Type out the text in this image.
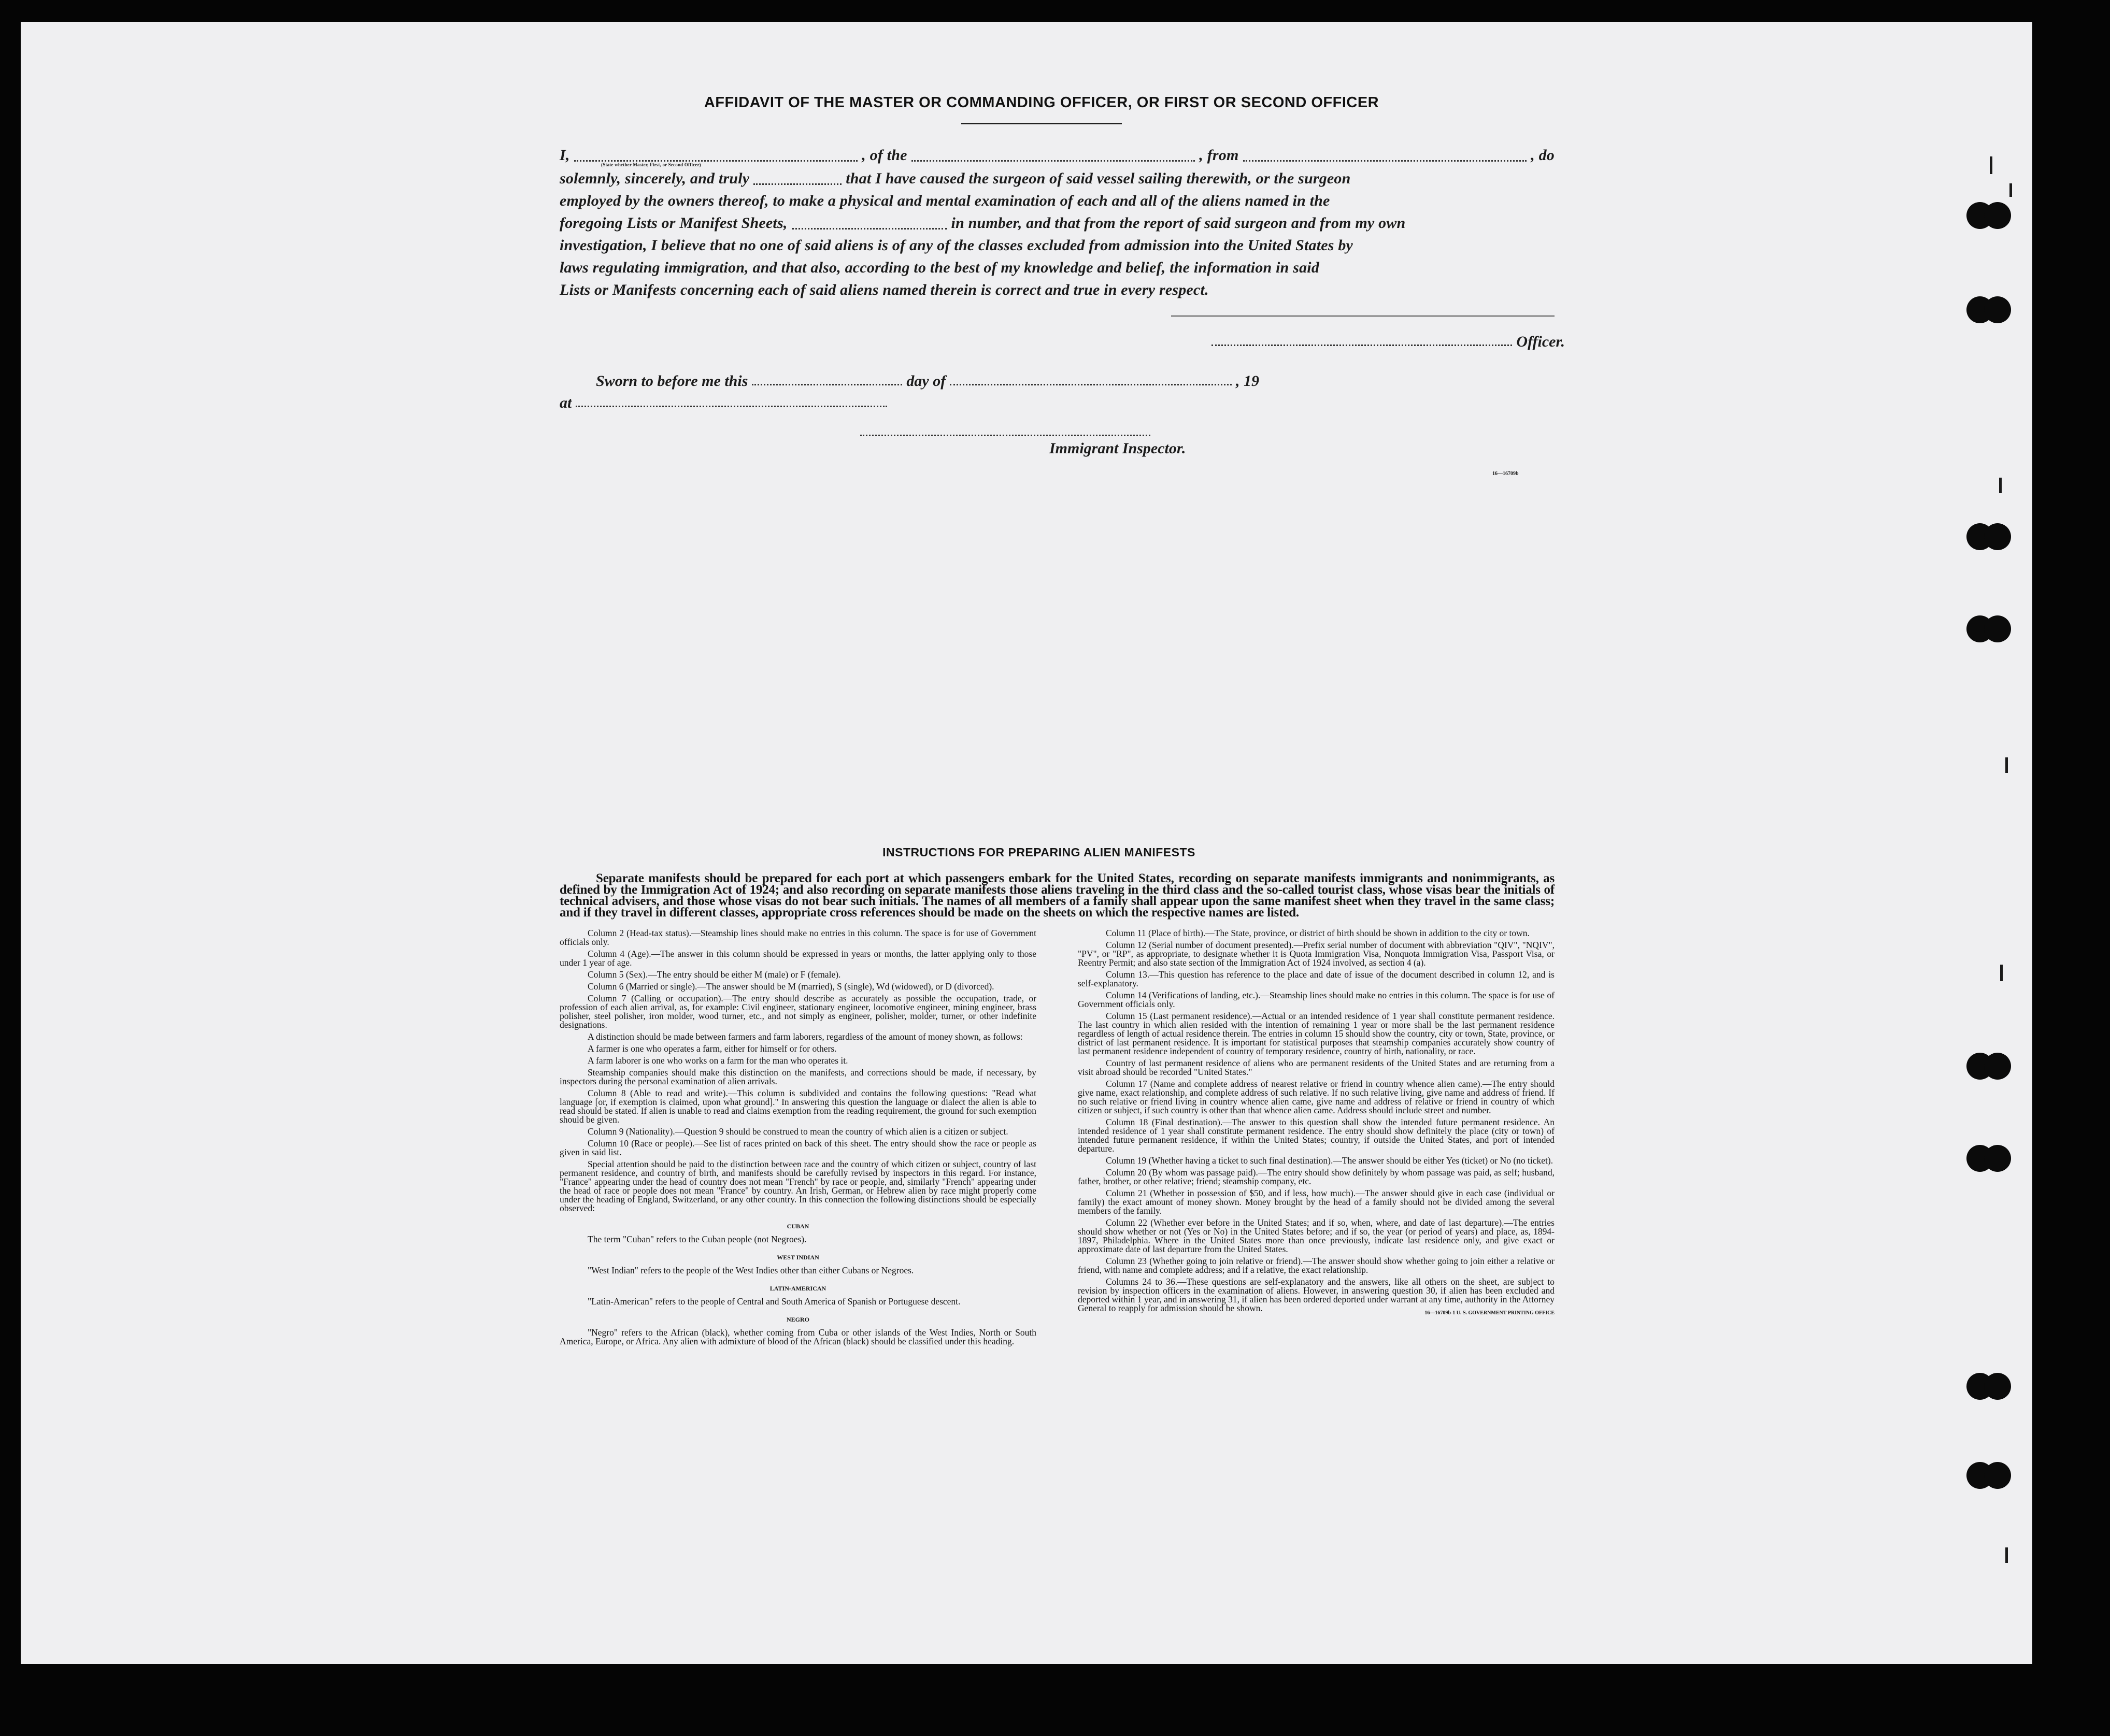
AFFIDAVIT OF THE MASTER OR COMMANDING OFFICER, OR FIRST OR SECOND OFFICER
I,	, of the	, from	, do
(State whether Master, First, or Second Officer)
solemnly, sincerely, and truly	that I have caused the surgeon of said vessel sailing therewith, or the surgeon
employed by the owners thereof, to make a physical and mental examination of each and all of the aliens named in the
foregoing Lists or Manifest Sheets,	in number, and that from the report of said surgeon and from my own
investigation, I believe that no one of said aliens is of any of the classes excluded from admission into the United States by
laws regulating immigration, and that also, according to the best of my knowledge and belief, the information in said
Lists or Manifests concerning each of said aliens named therein is correct and true in every respect.
Officer.
Sworn to before me this	day of	, 19
at
Immigrant Inspector.
16—16709b
INSTRUCTIONS FOR PREPARING ALIEN MANIFESTS
Separate manifests should be prepared for each port at which passengers embark for the United States, recording on separate manifests immigrants and nonimmigrants, as defined by the Immigration Act of 1924; and also recording on separate manifests those aliens traveling in the third class and the so-called tourist class, whose visas bear the initials of technical advisers, and those whose visas do not bear such initials. The names of all members of a family shall appear upon the same manifest sheet when they travel in the same class; and if they travel in different classes, appropriate cross references should be made on the sheets on which the respective names are listed.

Column 2 (Head-tax status).—Steamship lines should make no entries in this column. The space is for use of Government officials only.

Column 4 (Age).—The answer in this column should be expressed in years or months, the latter applying only to those under 1 year of age.

Column 5 (Sex).—The entry should be either M (male) or F (female).

Column 6 (Married or single).—The answer should be M (married), S (single), Wd (widowed), or D (divorced).

Column 7 (Calling or occupation).—The entry should describe as accurately as possible the occupation, trade, or profession of each alien arrival, as, for example: Civil engineer, stationary engineer, locomotive engineer, mining engineer, brass polisher, steel polisher, iron molder, wood turner, etc., and not simply as engineer, polisher, molder, turner, or other indefinite designations.

A distinction should be made between farmers and farm laborers, regardless of the amount of money shown, as follows:

A farmer is one who operates a farm, either for himself or for others.

A farm laborer is one who works on a farm for the man who operates it.

Steamship companies should make this distinction on the manifests, and corrections should be made, if necessary, by inspectors during the personal examination of alien arrivals.

Column 8 (Able to read and write).—This column is subdivided and contains the following questions: "Read what language [or, if exemption is claimed, upon what ground]." In answering this question the language or dialect the alien is able to read should be stated. If alien is unable to read and claims exemption from the reading requirement, the ground for such exemption should be given.

Column 9 (Nationality).—Question 9 should be construed to mean the country of which alien is a citizen or subject.

Column 10 (Race or people).—See list of races printed on back of this sheet. The entry should show the race or people as given in said list.

Special attention should be paid to the distinction between race and the country of which citizen or subject, country of last permanent residence, and country of birth, and manifests should be carefully revised by inspectors in this regard. For instance, "France" appearing under the head of country does not mean "French" by race or people, and, similarly "French" appearing under the head of race or people does not mean "France" by country. An Irish, German, or Hebrew alien by race might properly come under the heading of England, Switzerland, or any other country. In this connection the following distinctions should be especially observed:

CUBAN

The term "Cuban" refers to the Cuban people (not Negroes).

WEST INDIAN

"West Indian" refers to the people of the West Indies other than either Cubans or Negroes.

LATIN-AMERICAN

"Latin-American" refers to the people of Central and South America of Spanish or Portuguese descent.

NEGRO

"Negro" refers to the African (black), whether coming from Cuba or other islands of the West Indies, North or South America, Europe, or Africa. Any alien with admixture of blood of the African (black) should be classified under this heading.

Column 11 (Place of birth).—The State, province, or district of birth should be shown in addition to the city or town.

Column 12 (Serial number of document presented).—Prefix serial number of document with abbreviation "QIV", "NQIV", "PV", or "RP", as appropriate, to designate whether it is Quota Immigration Visa, Nonquota Immigration Visa, Passport Visa, or Reentry Permit; and also state section of the Immigration Act of 1924 involved, as section 4 (a).

Column 13.—This question has reference to the place and date of issue of the document described in column 12, and is self-explanatory.

Column 14 (Verifications of landing, etc.).—Steamship lines should make no entries in this column. The space is for use of Government officials only.

Column 15 (Last permanent residence).—Actual or an intended residence of 1 year shall constitute permanent residence. The last country in which alien resided with the intention of remaining 1 year or more shall be the last permanent residence regardless of length of actual residence therein. The entries in column 15 should show the country, city or town, State, province, or district of last permanent residence. It is important for statistical purposes that steamship companies accurately show country of last permanent residence independent of country of temporary residence, country of birth, nationality, or race.

Country of last permanent residence of aliens who are permanent residents of the United States and are returning from a visit abroad should be recorded "United States."

Column 17 (Name and complete address of nearest relative or friend in country whence alien came).—The entry should give name, exact relationship, and complete address of such relative. If no such relative living, give name and address of friend. If no such relative or friend living in country whence alien came, give name and address of relative or friend in country of which citizen or subject, if such country is other than that whence alien came. Address should include street and number.

Column 18 (Final destination).—The answer to this question shall show the intended future permanent residence. An intended residence of 1 year shall constitute permanent residence. The entry should show definitely the place (city or town) of intended future permanent residence, if within the United States; country, if outside the United States, and port of intended departure.

Column 19 (Whether having a ticket to such final destination).—The answer should be either Yes (ticket) or No (no ticket).

Column 20 (By whom was passage paid).—The entry should show definitely by whom passage was paid, as self; husband, father, brother, or other relative; friend; steamship company, etc.

Column 21 (Whether in possession of $50, and if less, how much).—The answer should give in each case (individual or family) the exact amount of money shown. Money brought by the head of a family should not be divided among the several members of the family.

Column 22 (Whether ever before in the United States; and if so, when, where, and date of last departure).—The entries should show whether or not (Yes or No) in the United States before; and if so, the year (or period of years) and place, as, 1894-1897, Philadelphia. Where in the United States more than once previously, indicate last residence only, and give exact or approximate date of last departure from the United States.

Column 23 (Whether going to join relative or friend).—The answer should show whether going to join either a relative or friend, with name and complete address; and if a relative, the exact relationship.

Columns 24 to 36.—These questions are self-explanatory and the answers, like all others on the sheet, are subject to revision by inspection officers in the examination of aliens. However, in answering question 30, if alien has been excluded and deported within 1 year, and in answering 31, if alien has been ordered deported under warrant at any time, authority in the Attorney General to reapply for admission should be shown.	16—16709b-1 U. S. GOVERNMENT PRINTING OFFICE
